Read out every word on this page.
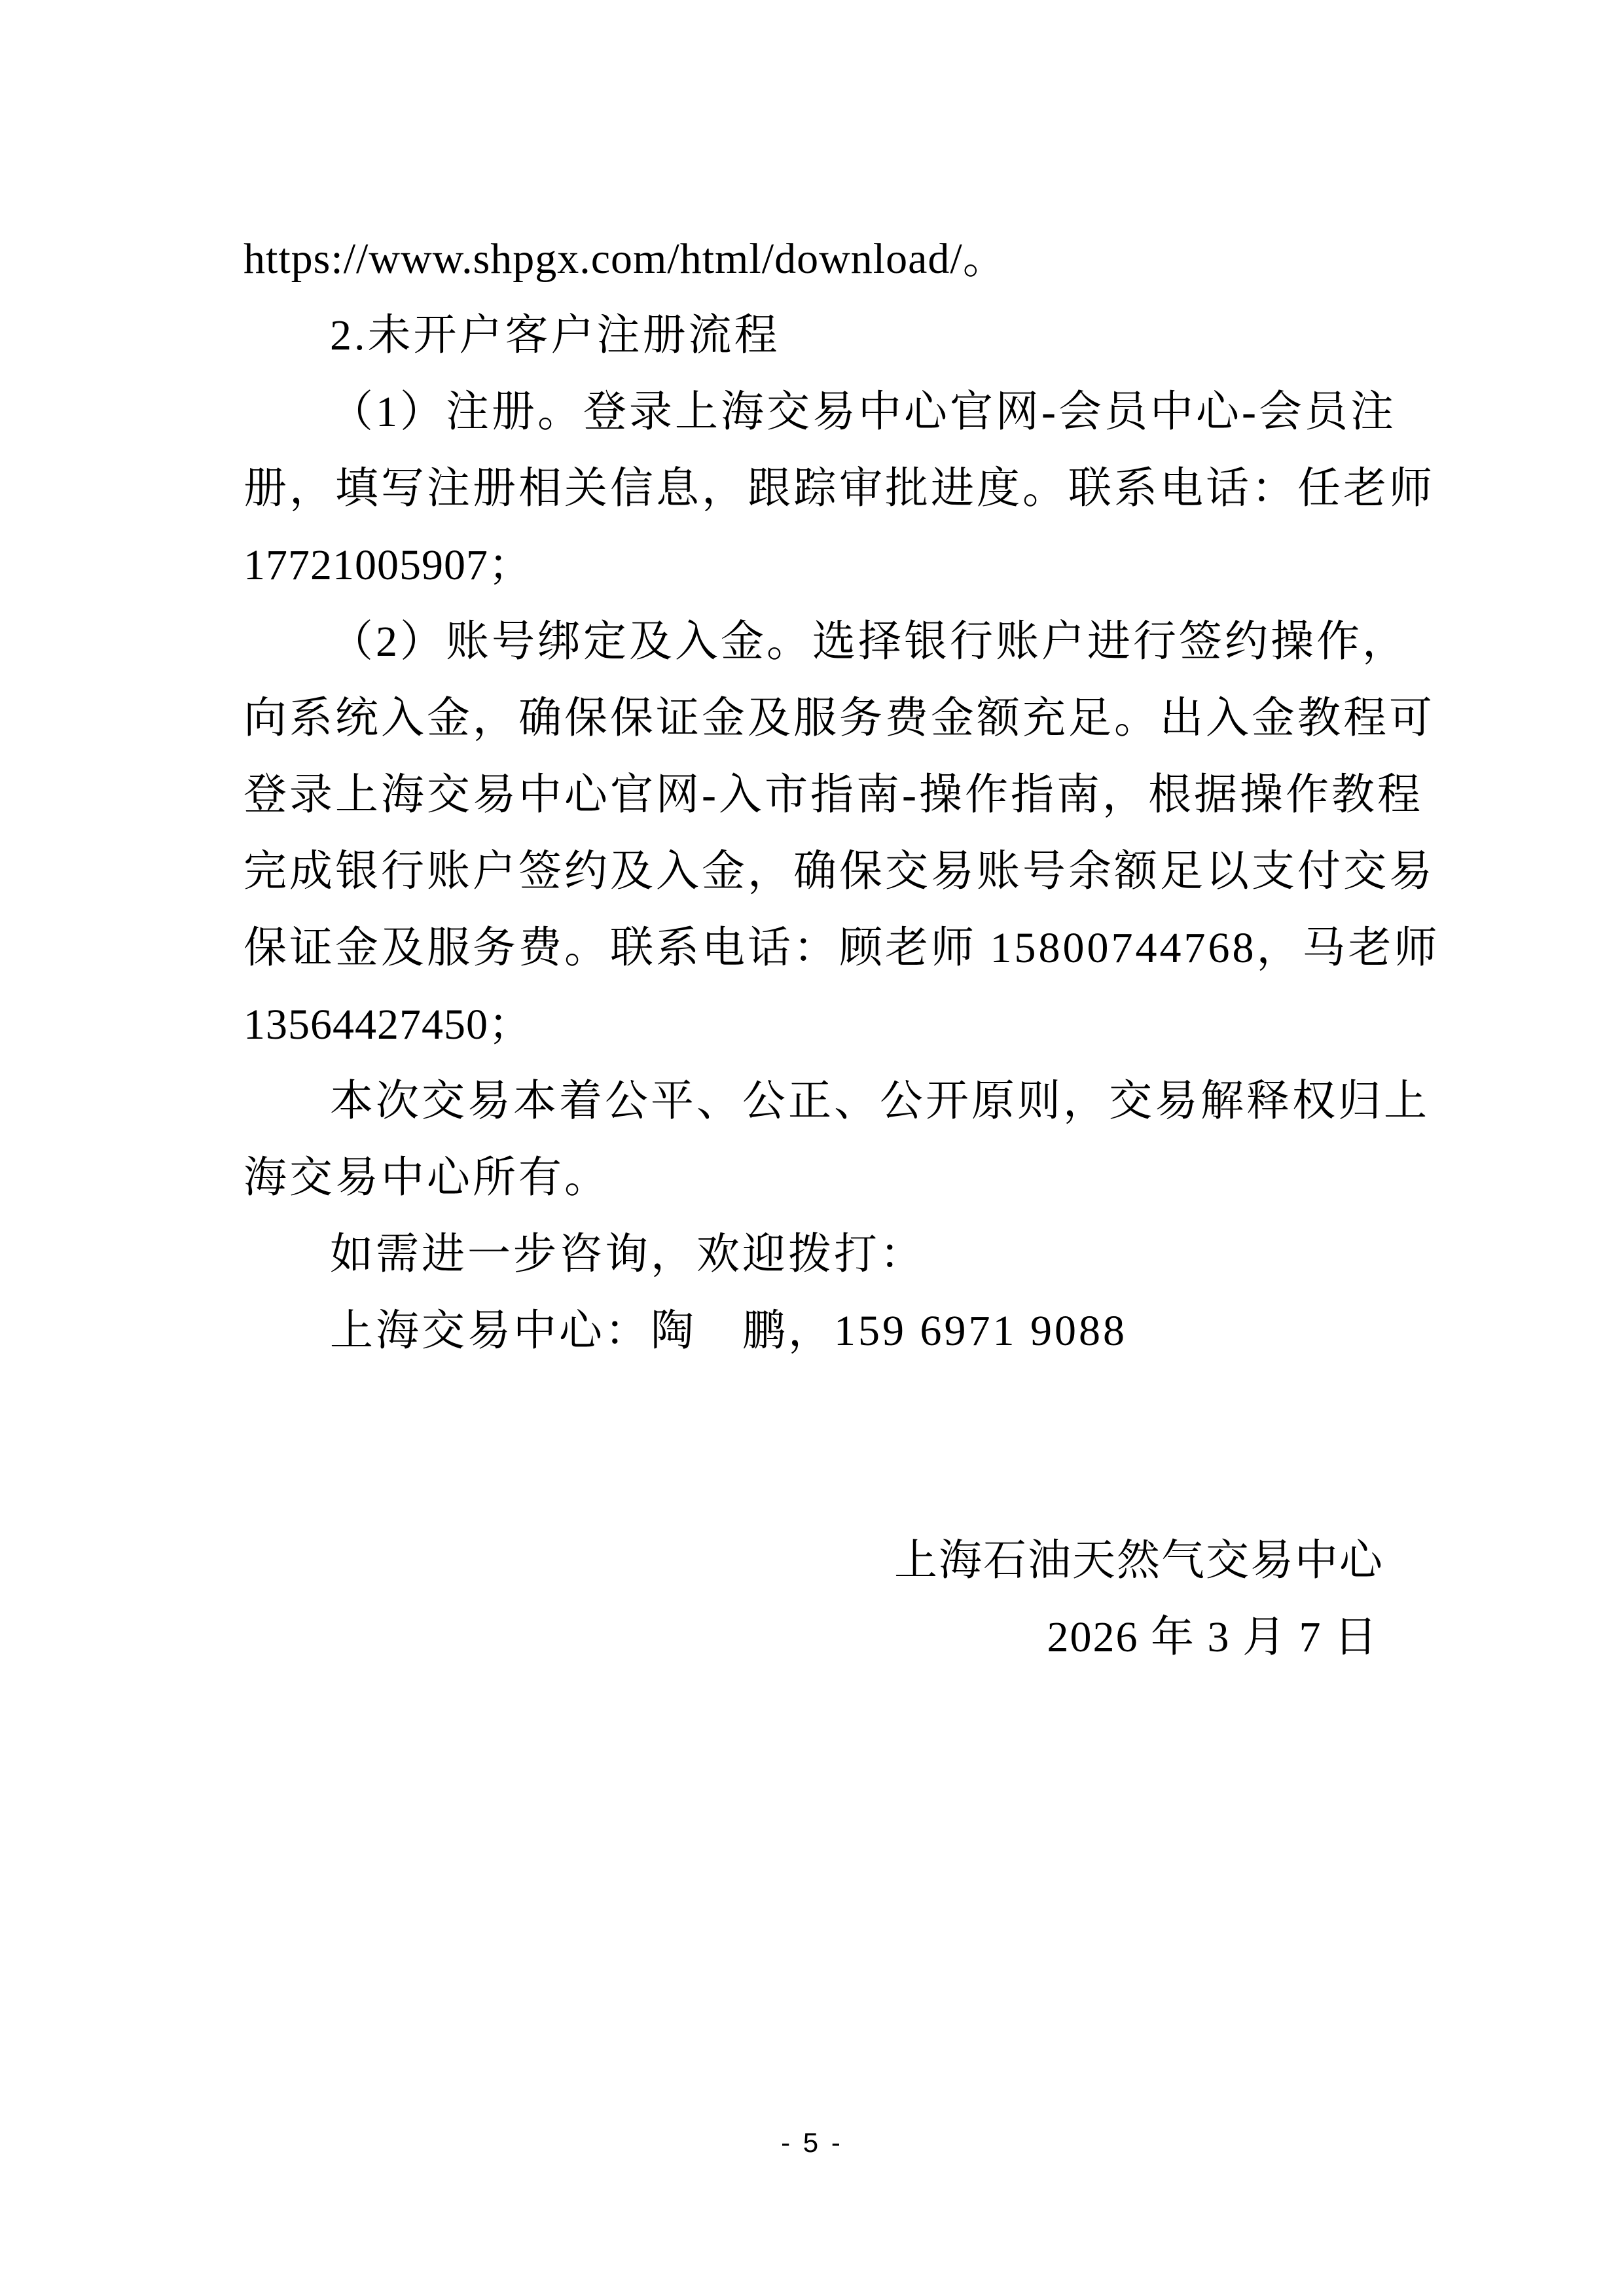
https://www.shpgx.com/html/download/。
2.未开户客户注册流程
（1）注册。登录上海交易中心官网-会员中心-会员注
册，填写注册相关信息，跟踪审批进度。联系电话：任老师
17721005907；
（2）账号绑定及入金。选择银行账户进行签约操作，
向系统入金，确保保证金及服务费金额充足。出入金教程可
登录上海交易中心官网-入市指南-操作指南，根据操作教程
完成银行账户签约及入金，确保交易账号余额足以支付交易
保证金及服务费。联系电话：顾老师 15800744768，马老师
13564427450；
本次交易本着公平、公正、公开原则，交易解释权归上
海交易中心所有。
如需进一步咨询，欢迎拨打：
上海交易中心：陶　鹏，159 6971 9088
上海石油天然气交易中心
2026 年 3 月 7 日
- 5 -
